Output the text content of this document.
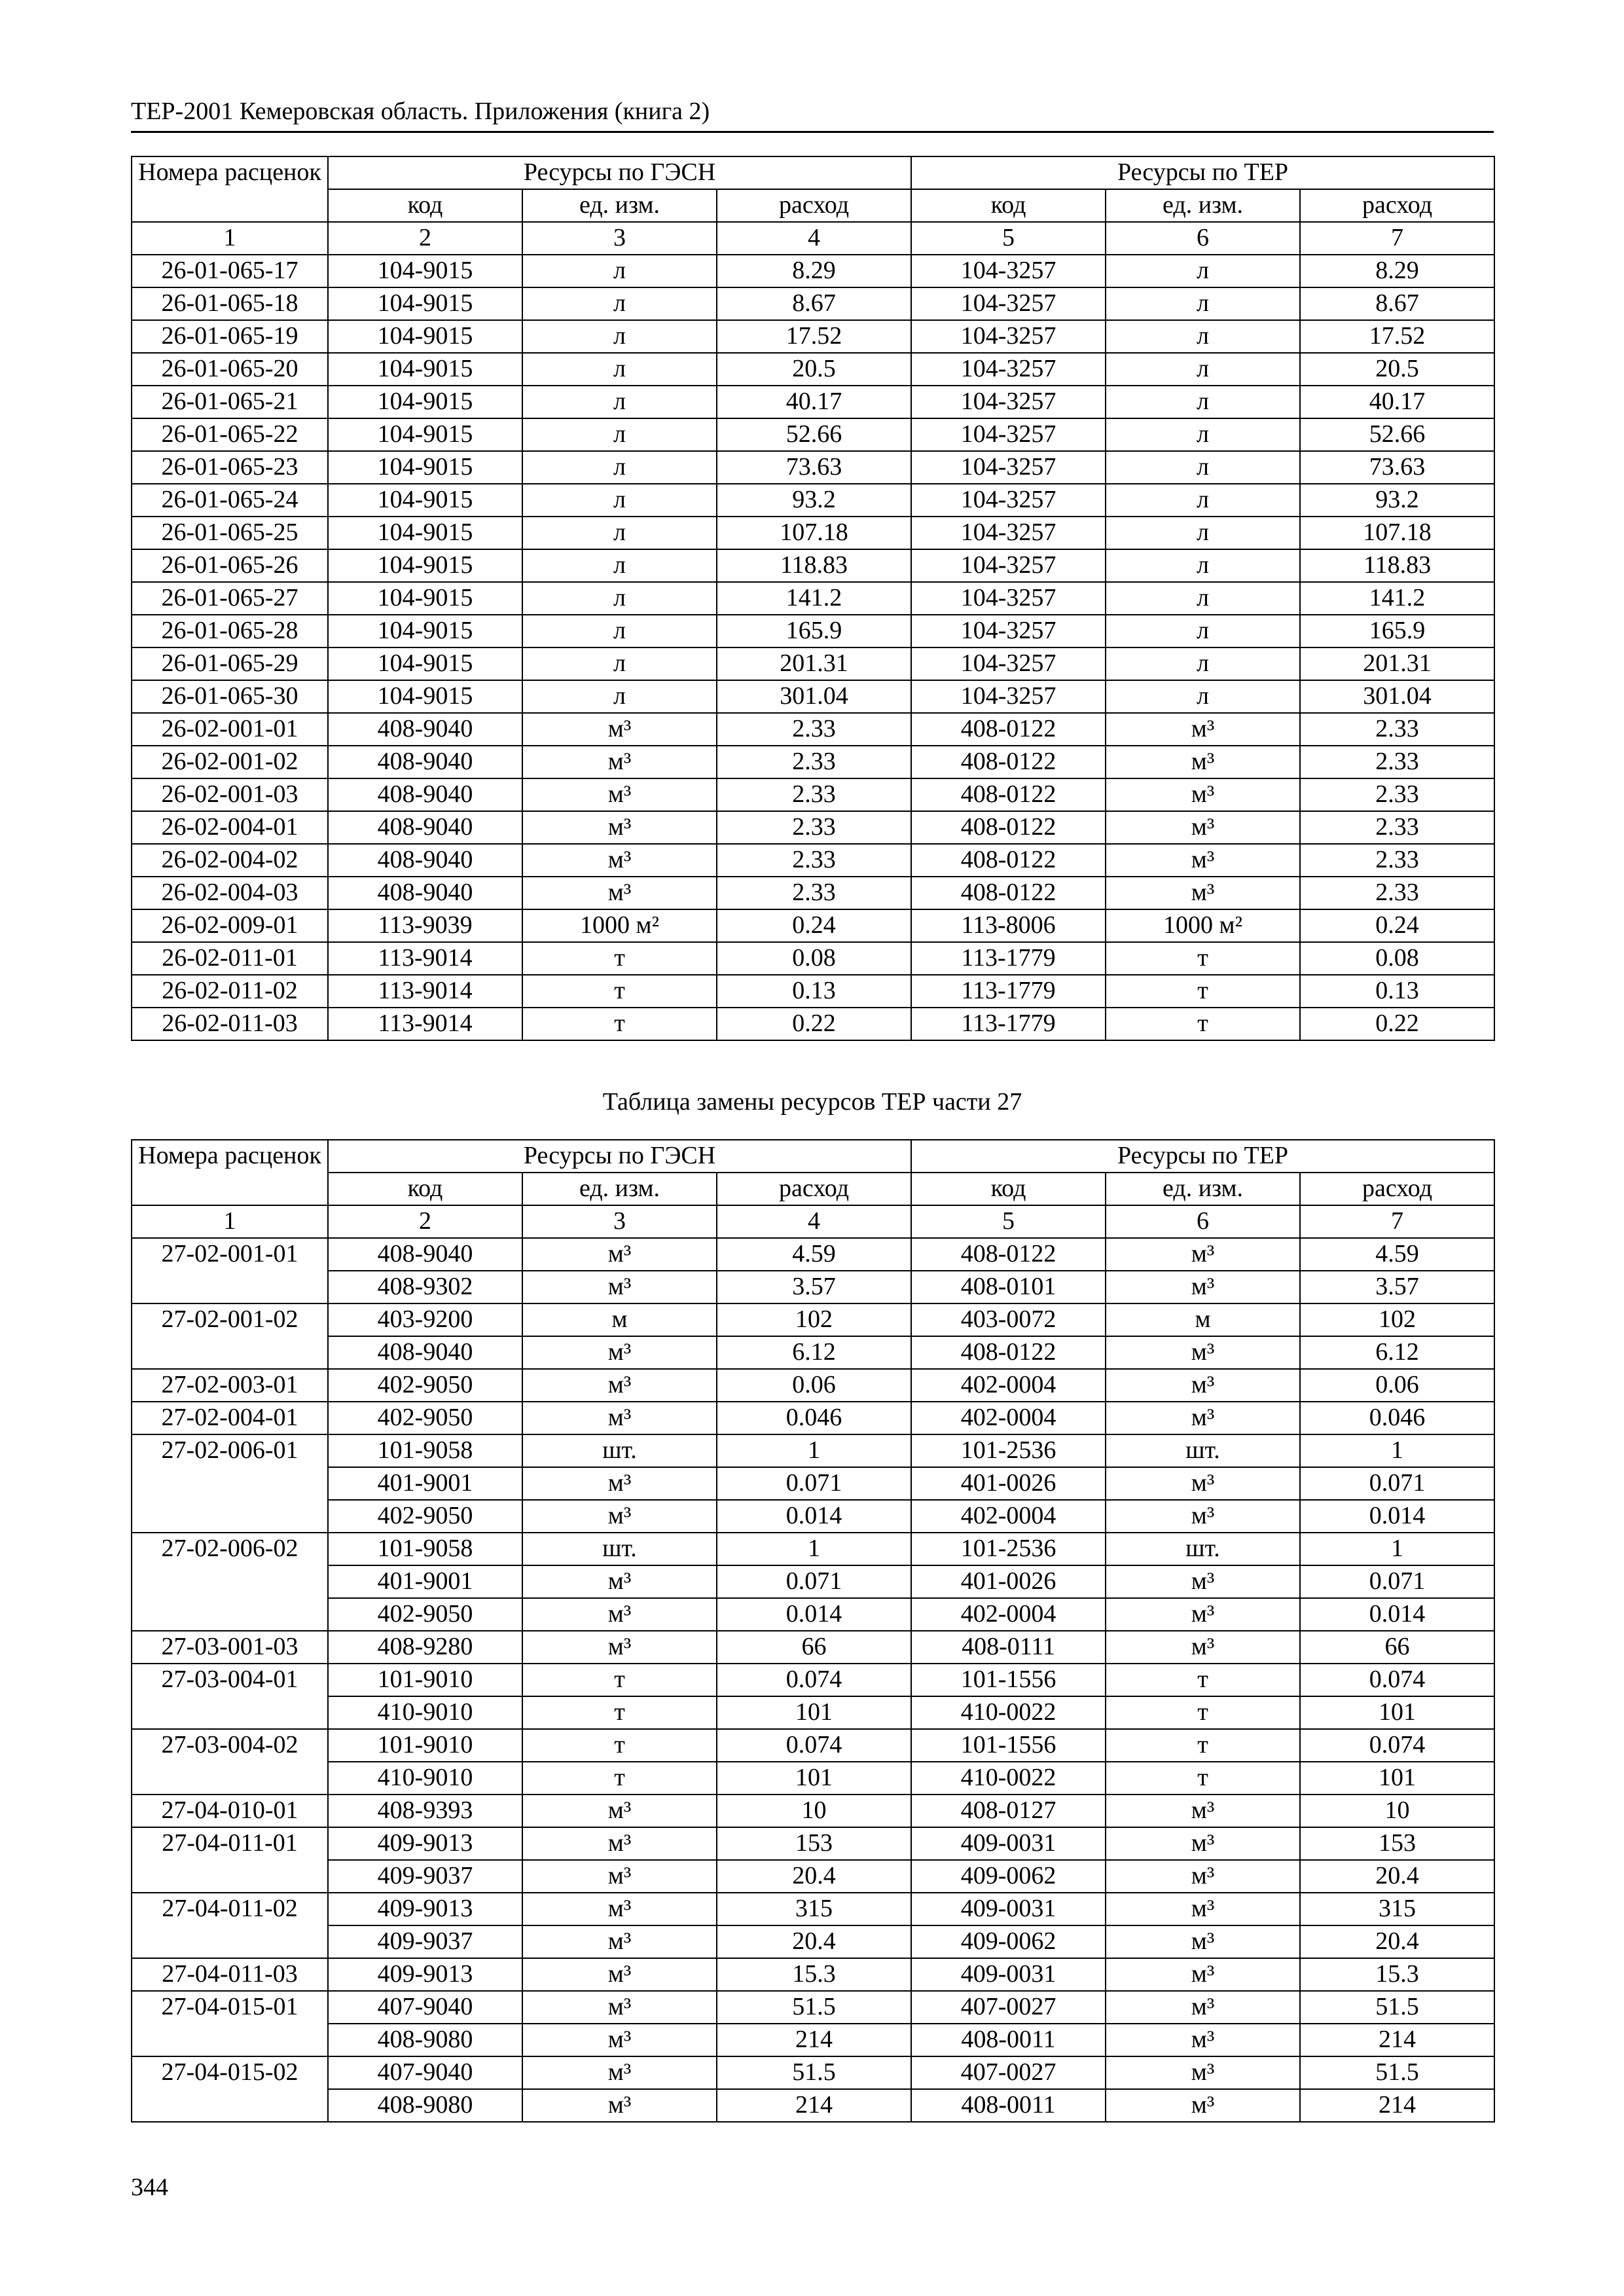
ТЕР-2001 Кемеровская область. Приложения (книга 2)
Номера расценок	Ресурсы по ГЭСН			Ресурсы по ТЕР		
	код	ед. изм.	расход	код	ед. изм.	расход
1	2	3	4	5	6	7
26-01-065-17	104-9015	л	8.29	104-3257	л	8.29
26-01-065-18	104-9015	л	8.67	104-3257	л	8.67
26-01-065-19	104-9015	л	17.52	104-3257	л	17.52
26-01-065-20	104-9015	л	20.5	104-3257	л	20.5
26-01-065-21	104-9015	л	40.17	104-3257	л	40.17
26-01-065-22	104-9015	л	52.66	104-3257	л	52.66
26-01-065-23	104-9015	л	73.63	104-3257	л	73.63
26-01-065-24	104-9015	л	93.2	104-3257	л	93.2
26-01-065-25	104-9015	л	107.18	104-3257	л	107.18
26-01-065-26	104-9015	л	118.83	104-3257	л	118.83
26-01-065-27	104-9015	л	141.2	104-3257	л	141.2
26-01-065-28	104-9015	л	165.9	104-3257	л	165.9
26-01-065-29	104-9015	л	201.31	104-3257	л	201.31
26-01-065-30	104-9015	л	301.04	104-3257	л	301.04
26-02-001-01	408-9040	м³	2.33	408-0122	м³	2.33
26-02-001-02	408-9040	м³	2.33	408-0122	м³	2.33
26-02-001-03	408-9040	м³	2.33	408-0122	м³	2.33
26-02-004-01	408-9040	м³	2.33	408-0122	м³	2.33
26-02-004-02	408-9040	м³	2.33	408-0122	м³	2.33
26-02-004-03	408-9040	м³	2.33	408-0122	м³	2.33
26-02-009-01	113-9039	1000 м²	0.24	113-8006	1000 м²	0.24
26-02-011-01	113-9014	т	0.08	113-1779	т	0.08
26-02-011-02	113-9014	т	0.13	113-1779	т	0.13
26-02-011-03	113-9014	т	0.22	113-1779	т	0.22
Таблица замены ресурсов ТЕР части 27
Номера расценок	Ресурсы по ГЭСН			Ресурсы по ТЕР		
	код	ед. изм.	расход	код	ед. изм.	расход
1	2	3	4	5	6	7
27-02-001-01	408-9040	м³	4.59	408-0122	м³	4.59
	408-9302	м³	3.57	408-0101	м³	3.57
27-02-001-02	403-9200	м	102	403-0072	м	102
	408-9040	м³	6.12	408-0122	м³	6.12
27-02-003-01	402-9050	м³	0.06	402-0004	м³	0.06
27-02-004-01	402-9050	м³	0.046	402-0004	м³	0.046
27-02-006-01	101-9058	шт.	1	101-2536	шт.	1
	401-9001	м³	0.071	401-0026	м³	0.071
	402-9050	м³	0.014	402-0004	м³	0.014
27-02-006-02	101-9058	шт.	1	101-2536	шт.	1
	401-9001	м³	0.071	401-0026	м³	0.071
	402-9050	м³	0.014	402-0004	м³	0.014
27-03-001-03	408-9280	м³	66	408-0111	м³	66
27-03-004-01	101-9010	т	0.074	101-1556	т	0.074
	410-9010	т	101	410-0022	т	101
27-03-004-02	101-9010	т	0.074	101-1556	т	0.074
	410-9010	т	101	410-0022	т	101
27-04-010-01	408-9393	м³	10	408-0127	м³	10
27-04-011-01	409-9013	м³	153	409-0031	м³	153
	409-9037	м³	20.4	409-0062	м³	20.4
27-04-011-02	409-9013	м³	315	409-0031	м³	315
	409-9037	м³	20.4	409-0062	м³	20.4
27-04-011-03	409-9013	м³	15.3	409-0031	м³	15.3
27-04-015-01	407-9040	м³	51.5	407-0027	м³	51.5
	408-9080	м³	214	408-0011	м³	214
27-04-015-02	407-9040	м³	51.5	407-0027	м³	51.5
	408-9080	м³	214	408-0011	м³	214
344
